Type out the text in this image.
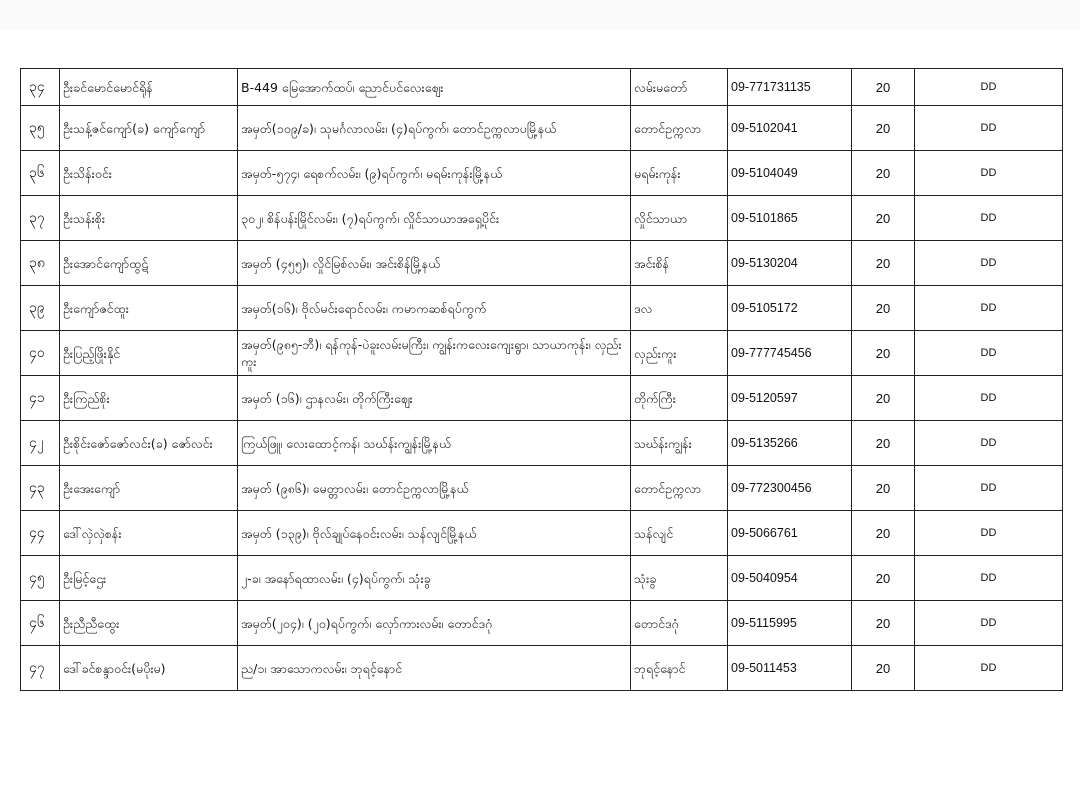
၃၄	ဦးခင်မောင်မောင်ရိုန်	B-449 မြေအောက်ထပ်၊ ညောင်ပင်လေးဈေး	လမ်းမတော်	09-771731135	20	DD
၃၅	ဦးသန့်ဇင်ကျော်(ခ) ကျော်ကျော်	အမှတ်(၁၀၉/ခ)၊ သုမင်္ဂလာလမ်း၊ (၄)ရပ်ကွက်၊ တောင်ဥက္ကလာပမြို့နယ်	တောင်ဥက္ကလာ	09-5102041	20	DD
၃၆	ဦးသိန်းဝင်း	အမှတ်-၅၇၄၊ ရေစက်လမ်း၊ (၉)ရပ်ကွက်၊ မရမ်းကုန်းမြို့နယ်	မရမ်းကုန်း	09-5104049	20	DD
၃၇	ဦးသန်းစိုး	၃၀၂၊ စိန်ပန်းမြိုင်လမ်း၊ (၇)ရပ်ကွက်၊ လှိုင်သာယာအရှေ့ပိုင်း	လှိုင်သာယာ	09-5101865	20	DD
၃၈	ဦးအောင်ကျော်ထွဋ်	အမှတ် (၄၅၅)၊ လှိုင်မြစ်လမ်း၊ အင်းစိန်မြို့နယ်	အင်းစိန်	09-5130204	20	DD
၃၉	ဦးကျော်ဇင်ထူး	အမှတ်(၁၆)၊ ဗိုလ်မင်းရောင်လမ်း၊ ကမာကဆစ်ရပ်ကွက်	ဒလ	09-5105172	20	DD
၄၀	ဦးပြည့်ဖြိုးနိုင်	အမှတ်(၉၈၅-ဘီ)၊ ရန်ကုန်-ပဲခူးလမ်းမကြီး၊ ကျွန်းကလေးကျေးရွာ၊ သာယာကုန်း၊ လှည်းကူး	လှည်းကူး	09-777745456	20	DD
၄၁	ဦးကြည်စိုး	အမှတ် (၁၆)၊ ဌာနလမ်း၊ တိုက်ကြီးဈေး	တိုက်ကြီး	09-5120597	20	DD
၄၂	ဦးစိုင်းဇော်ဇော်လင်း(ခ) ဇော်လင်း	ကြယ်ဖြူ၊ လေးထောင့်ကန်၊ သဃ်န်းကျွန်းမြို့နယ်	သဃ်န်းကျွန်း	09-5135266	20	DD
၄၃	ဦးအေးကျော်	အမှတ် (၉၈၆)၊ မေတ္တာလမ်း၊ တောင်ဥက္ကလာမြို့နယ်	တောင်ဥက္ကလာ	09-772300456	20	DD
၄၄	ဒေါ်လှဲလှဲစန်း	အမှတ် (၁၃၉)၊ ဗိုလ်ချုပ်နေဝင်းလမ်း၊ သန်လျင်မြို့နယ်	သန်လျင်	09-5066761	20	DD
၄၅	ဦးမြင့်ဌေး	၂-ခ၊ အနော်ရထာလမ်း၊ (၄)ရပ်ကွက်၊ သုံးခွ	သုံးခွ	09-5040954	20	DD
၄၆	ဦးညီညီထွေး	အမှတ်(၂၀၄)၊ (၂၀)ရပ်ကွက်၊ လှော်ကားလမ်း၊ တောင်ဒဂုံ	တောင်ဒဂုံ	09-5115995	20	DD
၄၇	ဒေါ်ခင်စန္ဒာဝင်း(မပိုးမ)	ည/၁၊ အာသောကလမ်း၊ ဘုရင့်နောင်	ဘုရင့်နောင်	09-5011453	20	DD
